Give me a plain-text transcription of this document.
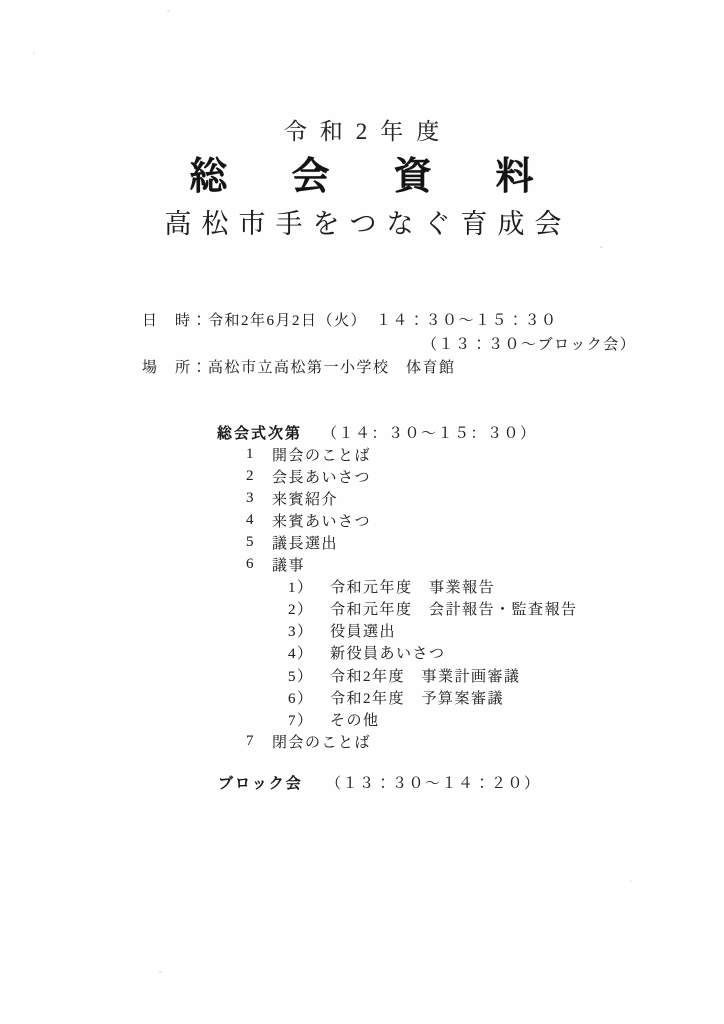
令和2年度
総　会　資　料
高松市手をつなぐ育成会
日　時：令和2年6月2日（火）　１４：３０～１５：３０
（１３：３０～ブロック会）
場　所：高松市立高松第一小学校　体育館
総会式次第 （１４：３０～１５：３０）
1	開会のことば
2	会長あいさつ
3	来賓紹介
4	来賓あいさつ
5	議長選出
6	議事
1）	令和元年度　事業報告
2）	令和元年度　会計報告・監査報告
3）	役員選出
4）	新役員あいさつ
5）	令和2年度　事業計画審議
6）	令和2年度　予算案審議
7）	その他
7	閉会のことば
ブロック会 （１３：３０～１４：２０）
